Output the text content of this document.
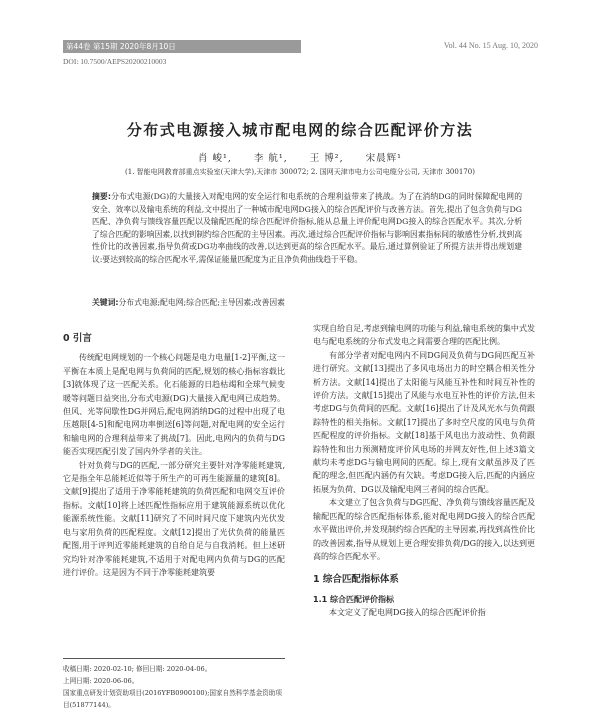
第44卷 第15期 2020年8月10日	Vol. 44 No. 15 Aug. 10, 2020
DOI: 10.7500/AEPS20200210003
分布式电源接入城市配电网的综合匹配评价方法
肖 峻¹, 李 航¹, 王 博², 宋晨辉¹
(1. 智能电网教育部重点实验室(天津大学),天津市 300072; 2. 国网天津市电力公司电缆分公司, 天津市 300170)
摘要:分布式电源(DG)的大量接入对配电网的安全运行和电系统的合理利益带来了挑战。为了在消纳DG的同时保障配电网的安全、效率以及输电系统的利益,文中提出了一种城市配电网DG接入的综合匹配评价与改善方法。首先,提出了包含负荷与DG匹配、净负荷与馈线容量匹配以及输配匹配的综合匹配评价指标,能从总量上评价配电网DG接入的综合匹配水平。其次,分析了综合匹配的影响因素,以找到制约综合匹配的主导因素。再次,通过综合匹配评价指标与影响因素指标间的敏感性分析,找到高性价比的改善因素,指导负荷或DG功率曲线的改善,以达到更高的综合匹配水平。最后,通过算例验证了所提方法并得出规划建议:要达到较高的综合匹配水平,需保证能量匹配度为正且净负荷曲线趋于平稳。
关键词:分布式电源;配电网;综合匹配;主导因素;改善因素
0 引言

传统配电网规划的一个核心问题是电力电量[1-2]平衡,这一平衡在本质上是配电网与负荷间的匹配,规划的核心指标容载比[3]就体现了这一匹配关系。化石能源的日趋枯竭和全球气候变暖等问题日益突出,分布式电源(DG)大量接入配电网已成趋势。但风、光等间歇性DG并网后,配电网消纳DG的过程中出现了电压越限[4-5]和配电网功率倒送[6]等问题,对配电网的安全运行和输电网的合理利益带来了挑战[7]。因此,电网内的负荷与DG能否实现匹配引发了国内外学者的关注。

针对负荷与DG的匹配,一部分研究主要针对净零能耗建筑,它是指全年总能耗近似等于所生产的可再生能源量的建筑[8]。文献[9]提出了适用于净零能耗建筑的负荷匹配和电网交互评价指标。文献[10]将上述匹配性指标应用于建筑能源系统以优化能源系统性能。文献[11]研究了不同时间尺度下建筑内光伏发电与家用负荷的匹配程度。文献[12]提出了光伏负荷的能量匹配图,用于评判近零能耗建筑的自给自足与自我消耗。但上述研究均针对净零能耗建筑,不适用于对配电网内负荷与DG的匹配进行评价。这是因为不同于净零能耗建筑要

实现自给自足,考虑到输电网的功能与利益,输电系统的集中式发电与配电系统的分布式发电之间需要合理的匹配比例。

有部分学者对配电网内不同DG间及负荷与DG间匹配互补进行研究。文献[13]提出了多风电场出力的时空耦合相关性分析方法。文献[14]提出了太阳能与风能互补性和时间互补性的评价方法。文献[15]提出了风能与水电互补性的评价方法,但未考虑DG与负荷间的匹配。文献[16]提出了计及风光水与负荷跟踪特性的相关指标。文献[17]提出了多时空尺度的风电与负荷匹配程度的评价指标。文献[18]基于风电出力波动性、负荷跟踪特性和出力预测精度评价风电场的并网友好性,但上述3篇文献均未考虑DG与输电网间的匹配。综上,现有文献虽涉及了匹配的理念,但匹配内涵仍有欠缺。考虑DG接入后,匹配的内涵应拓展为负荷、DG以及输配电网三者间的综合匹配。

本文建立了包含负荷与DG匹配、净负荷与馈线容量匹配及输配匹配的综合匹配指标体系,能对配电网DG接入的综合匹配水平做出评价,并发现制约综合匹配的主导因素,再找到高性价比的改善因素,指导从规划上更合理安排负荷/DG的接入,以达到更高的综合匹配水平。

1 综合匹配指标体系
1.1 综合匹配评价指标

本文定义了配电网DG接入的综合匹配评价指

收稿日期: 2020-02-10; 修回日期: 2020-04-06。
上网日期: 2020-06-06。
国家重点研发计划资助项目(2016YFB0900100);国家自然科学基金资助项目(51877144)。
